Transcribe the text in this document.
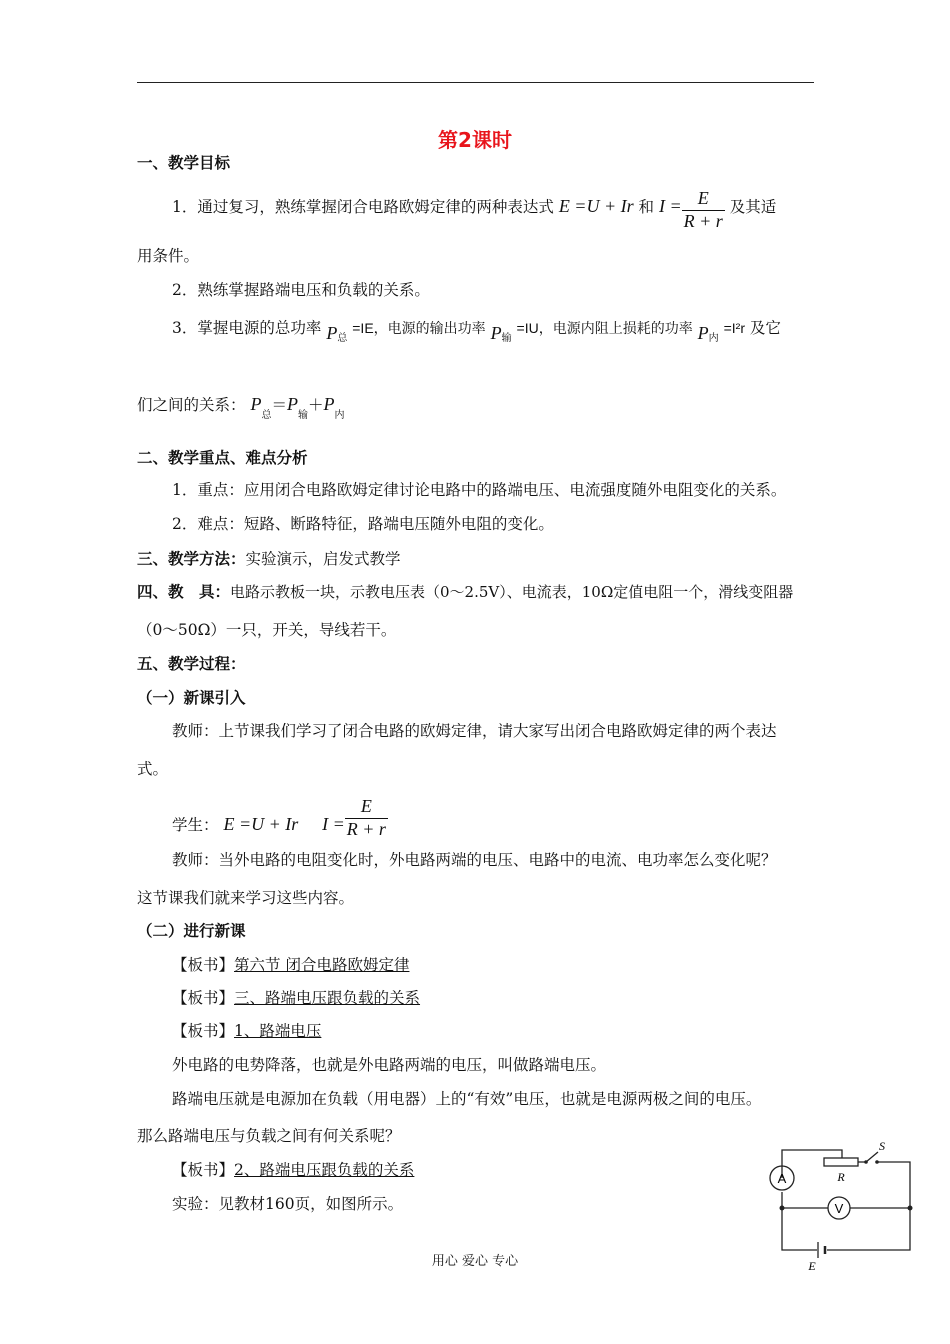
第2课时
一、教学目标
1．通过复习，熟练掌握闭合电路欧姆定律的两种表达式 E =U + Ir 和 $I = \frac{E}{R + r}$ 及其适
用条件。
2．熟练掌握路端电压和负载的关系。
3．掌握电源的总功率 $P_总 =IE$，电源的输出功率 $P_输 =IU$，电源内阻上损耗的功率 $P_内 =I^2r$ 及它
们之间的关系： $P_总=P_输+P_内$
二、教学重点、难点分析
1．重点：应用闭合电路欧姆定律讨论电路中的路端电压、电流强度随外电阻变化的关系。
2．难点：短路、断路特征，路端电压随外电阻的变化。
三、教学方法：实验演示，启发式教学
四、教　具：电路示教板一块，示教电压表（0～2.5V）、电流表，10Ω定值电阻一个，滑线变阻器
（0～50Ω）一只，开关，导线若干。
五、教学过程：
（一）新课引入
教师：上节课我们学习了闭合电路的欧姆定律，请大家写出闭合电路欧姆定律的两个表达
式。
学生： E =U + Ir $I = \frac{E}{R + r}$
教师：当外电路的电阻变化时，外电路两端的电压、电路中的电流、电功率怎么变化呢？
这节课我们就来学习这些内容。
（二）进行新课
【板书】第六节 闭合电路欧姆定律
【板书】三、路端电压跟负载的关系
【板书】1、路端电压
外电路的电势降落，也就是外电路两端的电压，叫做路端电压。
路端电压就是电源加在负载（用电器）上的“有效”电压，也就是电源两极之间的电压。
那么路端电压与负载之间有何关系呢？
【板书】2、路端电压跟负载的关系
实验：见教材160页，如图所示。
A
V
R
S
E
用心 爱心 专心
